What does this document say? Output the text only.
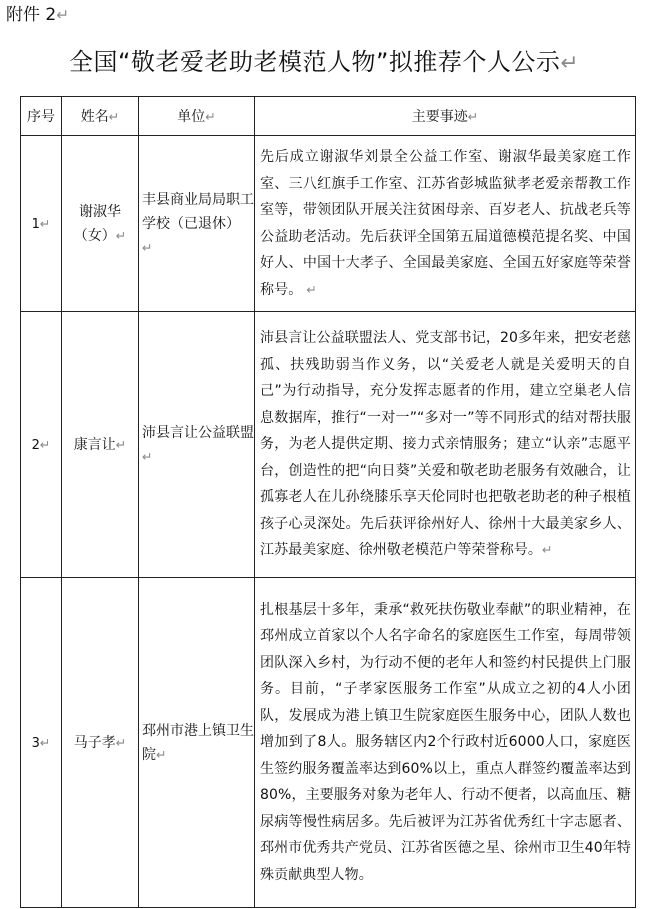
附件 2↵
全国“敬老爱老助老模范人物”拟推荐个人公示↵
序号	姓名↵	单位↵	主要事迹↵
1↵	谢淑华（女）↵	丰县商业局局职工学校（已退休） ↵	先后成立谢淑华刘景全公益工作室、谢淑华最美家庭工作室、三八红旗手工作室、江苏省彭城监狱孝老爱亲帮教工作室等，带领团队开展关注贫困母亲、百岁老人、抗战老兵等公益助老活动。先后获评全国第五届道德模范提名奖、中国好人、中国十大孝子、全国最美家庭、全国五好家庭等荣誉称号。 ↵
2↵	康言让↵	沛县言让公益联盟↵	沛县言让公益联盟法人、党支部书记，20多年来，把安老慈孤、扶残助弱当作义务，以“关爱老人就是关爱明天的自己”为行动指导，充分发挥志愿者的作用，建立空巢老人信息数据库，推行“一对一”“多对一”等不同形式的结对帮扶服务，为老人提供定期、接力式亲情服务；建立“认亲”志愿平台，创造性的把“向日葵”关爱和敬老助老服务有效融合，让孤寡老人在儿孙绕膝乐享天伦同时也把敬老助老的种子根植孩子心灵深处。先后获评徐州好人、徐州十大最美家乡人、江苏最美家庭、徐州敬老模范户等荣誉称号。↵
3↵	马子孝↵	邳州市港上镇卫生院↵	扎根基层十多年，秉承“救死扶伤敬业奉献”的职业精神，在邳州成立首家以个人名字命名的家庭医生工作室，每周带领团队深入乡村，为行动不便的老年人和签约村民提供上门服务。目前，“子孝家医服务工作室”从成立之初的4人小团队，发展成为港上镇卫生院家庭医生服务中心，团队人数也增加到了8人。服务辖区内2个行政村近6000人口，家庭医生签约服务覆盖率达到60%以上，重点人群签约覆盖率达到80%，主要服务对象为老年人、行动不便者，以高血压、糖尿病等慢性病居多。先后被评为江苏省优秀红十字志愿者、邳州市优秀共产党员、江苏省医德之星、徐州市卫生40年特殊贡献典型人物。
